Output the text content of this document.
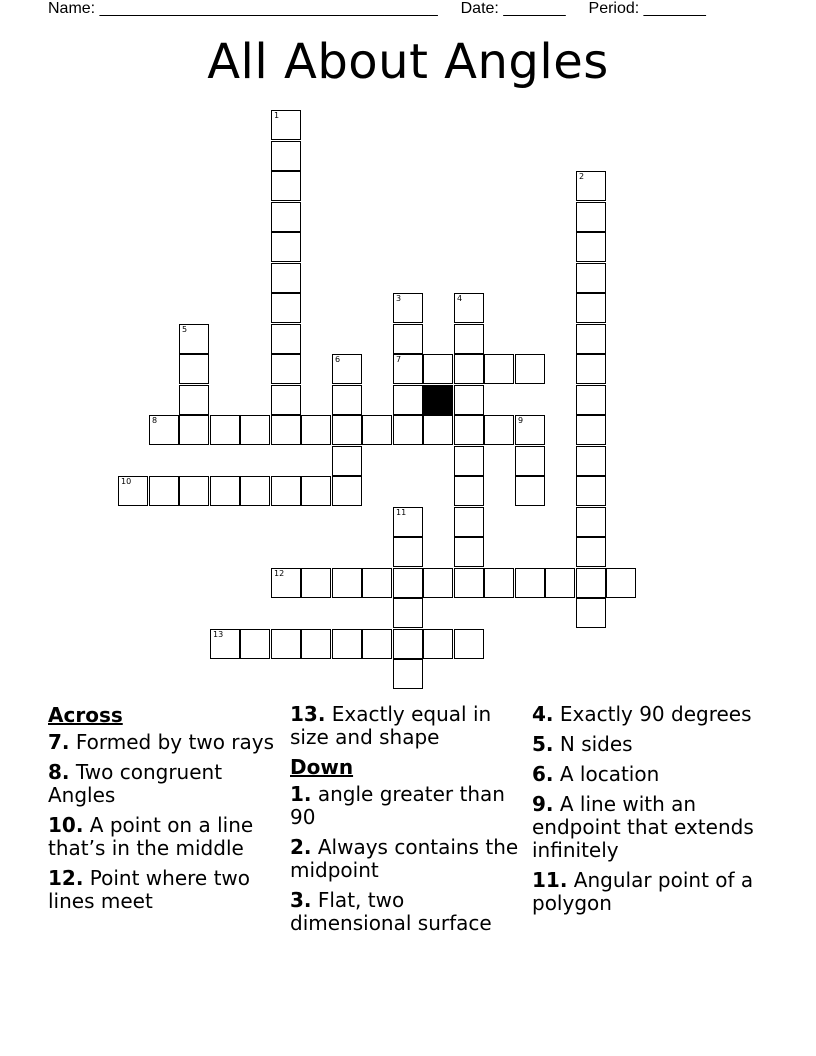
Name: ______________________________________ Date: _______ Period: _______
All About Angles
1
2
3
7
4
5
6
8	9
10
11
12
13
Across
7. Formed by two rays
8. Two congruent Angles
10. A point on a line that’s in the middle
12. Point where two lines meet
13. Exactly equal in size and shape
Down
1. angle greater than 90
2. Always contains the midpoint
3. Flat, two dimensional surface
4. Exactly 90 degrees
5. N sides
6. A location
9. A line with an endpoint that extends infinitely
11. Angular point of a polygon
